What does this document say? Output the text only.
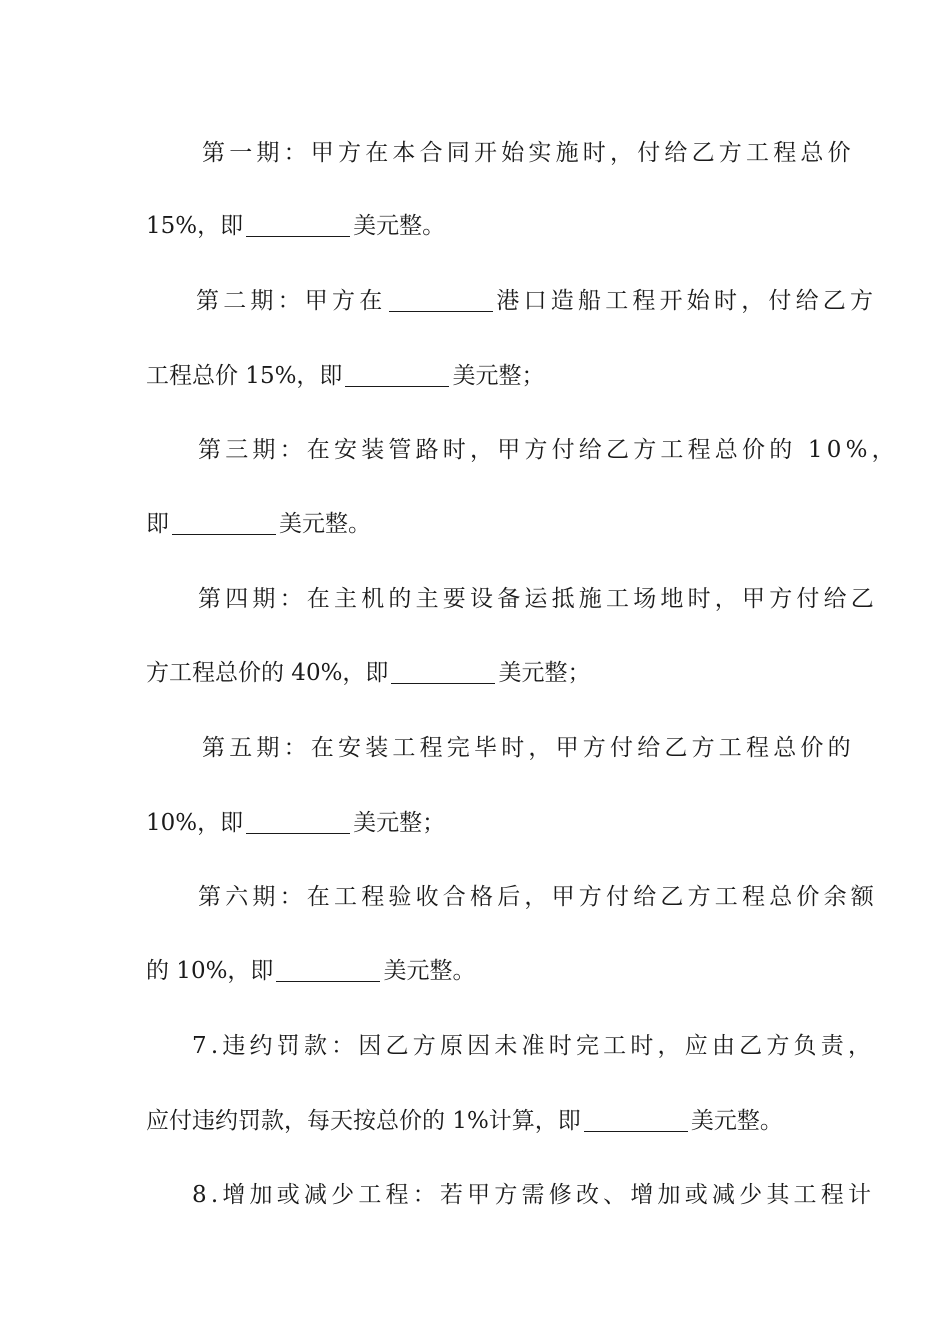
第一期：甲方在本合同开始实施时，付给乙方工程总价
15%，即	美元整。
第二期：甲方在	港口造船工程开始时，付给乙方
工程总价 15%，即	美元整；
第三期：在安装管路时，甲方付给乙方工程总价的 10%，
即	美元整。
第四期：在主机的主要设备运抵施工场地时，甲方付给乙
方工程总价的 40%，即	美元整；
第五期：在安装工程完毕时，甲方付给乙方工程总价的
10%，即	美元整；
第六期：在工程验收合格后，甲方付给乙方工程总价余额
的 10%，即	美元整。
7.违约罚款：因乙方原因未准时完工时，应由乙方负责，
应付违约罚款，每天按总价的 1%计算，即	美元整。
8.增加或减少工程：若甲方需修改、增加或减少其工程计
